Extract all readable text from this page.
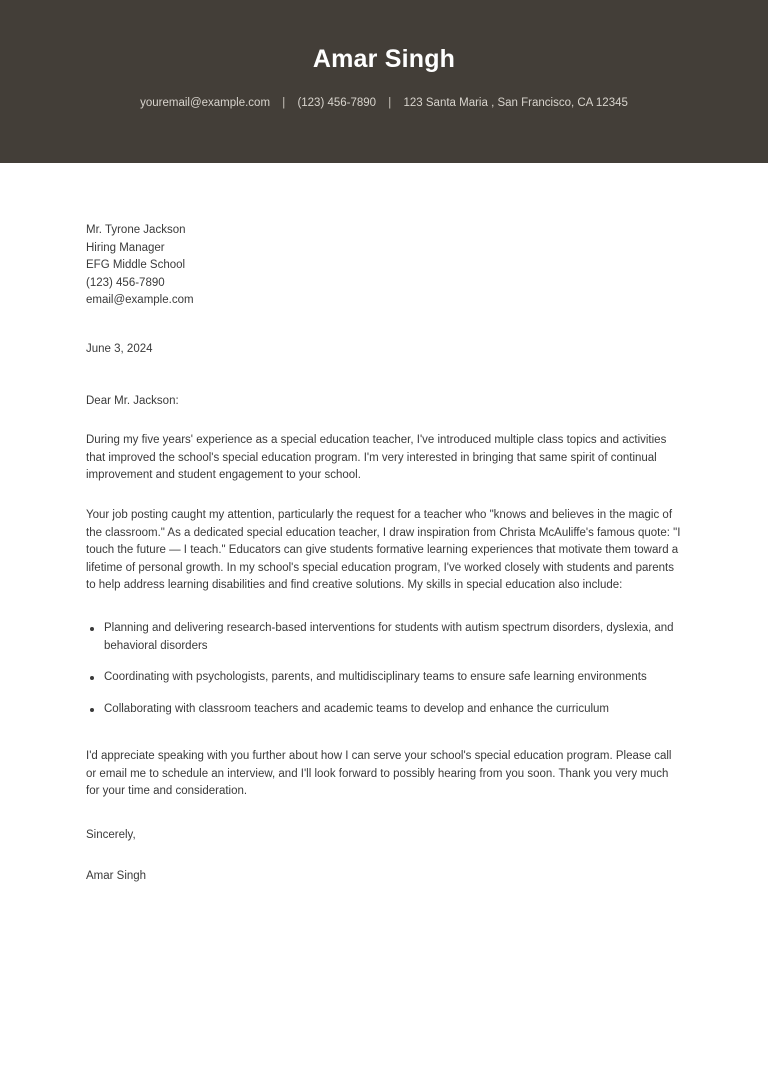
Amar Singh
youremail@example.com | (123) 456-7890 | 123 Santa Maria , San Francisco, CA 12345
Mr. Tyrone Jackson
Hiring Manager
EFG Middle School
(123) 456-7890
email@example.com
June 3, 2024
Dear Mr. Jackson:

During my five years' experience as a special education teacher, I've introduced multiple class topics and activities that improved the school's special education program. I'm very interested in bringing that same spirit of continual improvement and student engagement to your school.

Your job posting caught my attention, particularly the request for a teacher who "knows and believes in the magic of the classroom." As a dedicated special education teacher, I draw inspiration from Christa McAuliffe's famous quote: "I touch the future — I teach." Educators can give students formative learning experiences that motivate them toward a lifetime of personal growth. In my school's special education program, I've worked closely with students and parents to help address learning disabilities and find creative solutions. My skills in special education also include:

Planning and delivering research-based interventions for students with autism spectrum disorders, dyslexia, and behavioral disorders
Coordinating with psychologists, parents, and multidisciplinary teams to ensure safe learning environments
Collaborating with classroom teachers and academic teams to develop and enhance the curriculum

I'd appreciate speaking with you further about how I can serve your school's special education program. Please call or email me to schedule an interview, and I'll look forward to possibly hearing from you soon. Thank you very much for your time and consideration.

Sincerely,
Amar Singh
